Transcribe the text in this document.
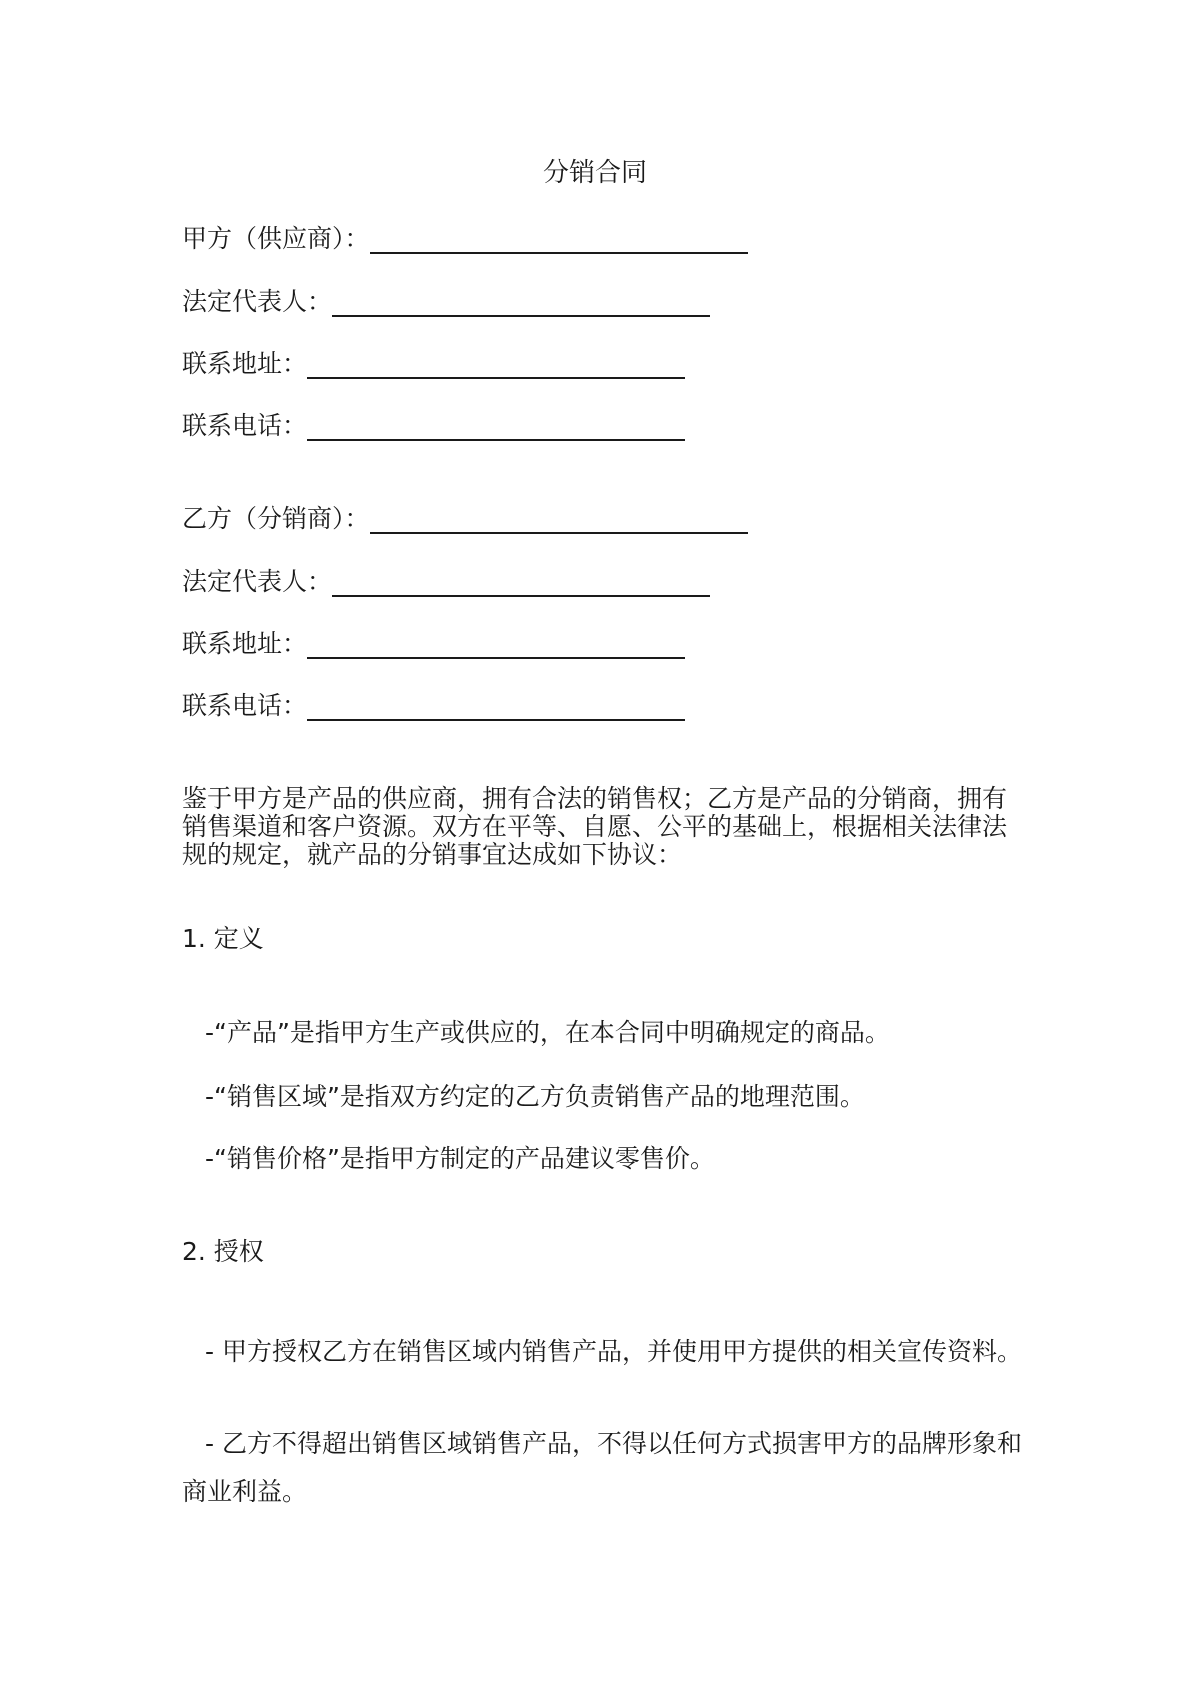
分销合同
甲方（供应商）：
法定代表人：
联系地址：
联系电话：
乙方（分销商）：
法定代表人：
联系地址：
联系电话：

鉴于甲方是产品的供应商，拥有合法的销售权；乙方是产品的分销商，拥有销售渠道和客户资源。双方在平等、自愿、公平的基础上，根据相关法律法规的规定，就产品的分销事宜达成如下协议：

1. 定义
-“产品”是指甲方生产或供应的，在本合同中明确规定的商品。
-“销售区域”是指双方约定的乙方负责销售产品的地理范围。
-“销售价格”是指甲方制定的产品建议零售价。
2. 授权

- 甲方授权乙方在销售区域内销售产品，并使用甲方提供的相关宣传资料。

- 乙方不得超出销售区域销售产品，不得以任何方式损害甲方的品牌形象和商业利益。
